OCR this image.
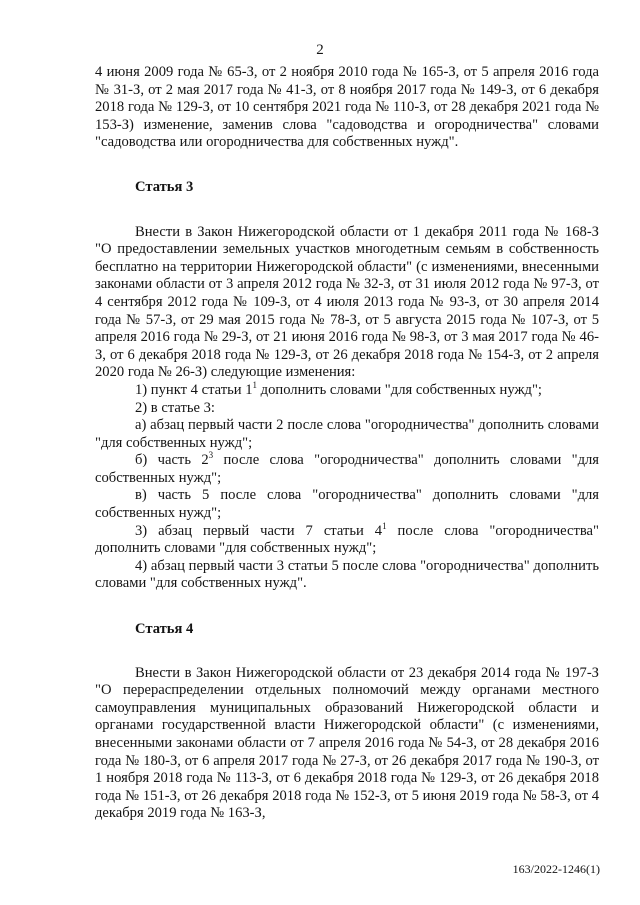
2

4 июня 2009 года № 65-З, от 2 ноября 2010 года № 165-З, от 5 апреля 2016 года № 31-З, от 2 мая 2017 года № 41-З, от 8 ноября 2017 года № 149-З, от 6 декабря 2018 года № 129-З, от 10 сентября 2021 года № 110-З, от 28 декабря 2021 года № 153-З) изменение, заменив слова "садоводства и огородничества" словами "садоводства или огородничества для собственных нужд".

Статья 3

Внести в Закон Нижегородской области от 1 декабря 2011 года № 168-З "О предоставлении земельных участков многодетным семьям в собственность бесплатно на территории Нижегородской области" (с изменениями, внесенными законами области от 3 апреля 2012 года № 32-З, от 31 июля 2012 года № 97-З, от 4 сентября 2012 года № 109-З, от 4 июля 2013 года № 93-З, от 30 апреля 2014 года № 57-З, от 29 мая 2015 года № 78-З, от 5 августа 2015 года № 107-З, от 5 апреля 2016 года № 29-З, от 21 июня 2016 года № 98-З, от 3 мая 2017 года № 46-З, от 6 декабря 2018 года № 129-З, от 26 декабря 2018 года № 154-З, от 2 апреля 2020 года № 26-З) следующие изменения:

1) пункт 4 статьи $1^1$ дополнить словами "для собственных нужд";

2) в статье 3:

а) абзац первый части 2 после слова "огородничества" дополнить словами "для собственных нужд";

б) часть $2^3$ после слова "огородничества" дополнить словами "для собственных нужд";

в) часть 5 после слова "огородничества" дополнить словами "для собственных нужд";

3) абзац первый части 7 статьи $4^1$ после слова "огородничества" дополнить словами "для собственных нужд";

4) абзац первый части 3 статьи 5 после слова "огородничества" дополнить словами "для собственных нужд".

Статья 4

Внести в Закон Нижегородской области от 23 декабря 2014 года № 197-З "О перераспределении отдельных полномочий между органами местного самоуправления муниципальных образований Нижегородской области и органами государственной власти Нижегородской области" (с изменениями, внесенными законами области от 7 апреля 2016 года № 54-З, от 28 декабря 2016 года № 180-З, от 6 апреля 2017 года № 27-З, от 26 декабря 2017 года № 190-З, от 1 ноября 2018 года № 113-З, от 6 декабря 2018 года № 129-З, от 26 декабря 2018 года № 151-З, от 26 декабря 2018 года № 152-З, от 5 июня 2019 года № 58-З, от 4 декабря 2019 года № 163-З,

163/2022-1246(1)
